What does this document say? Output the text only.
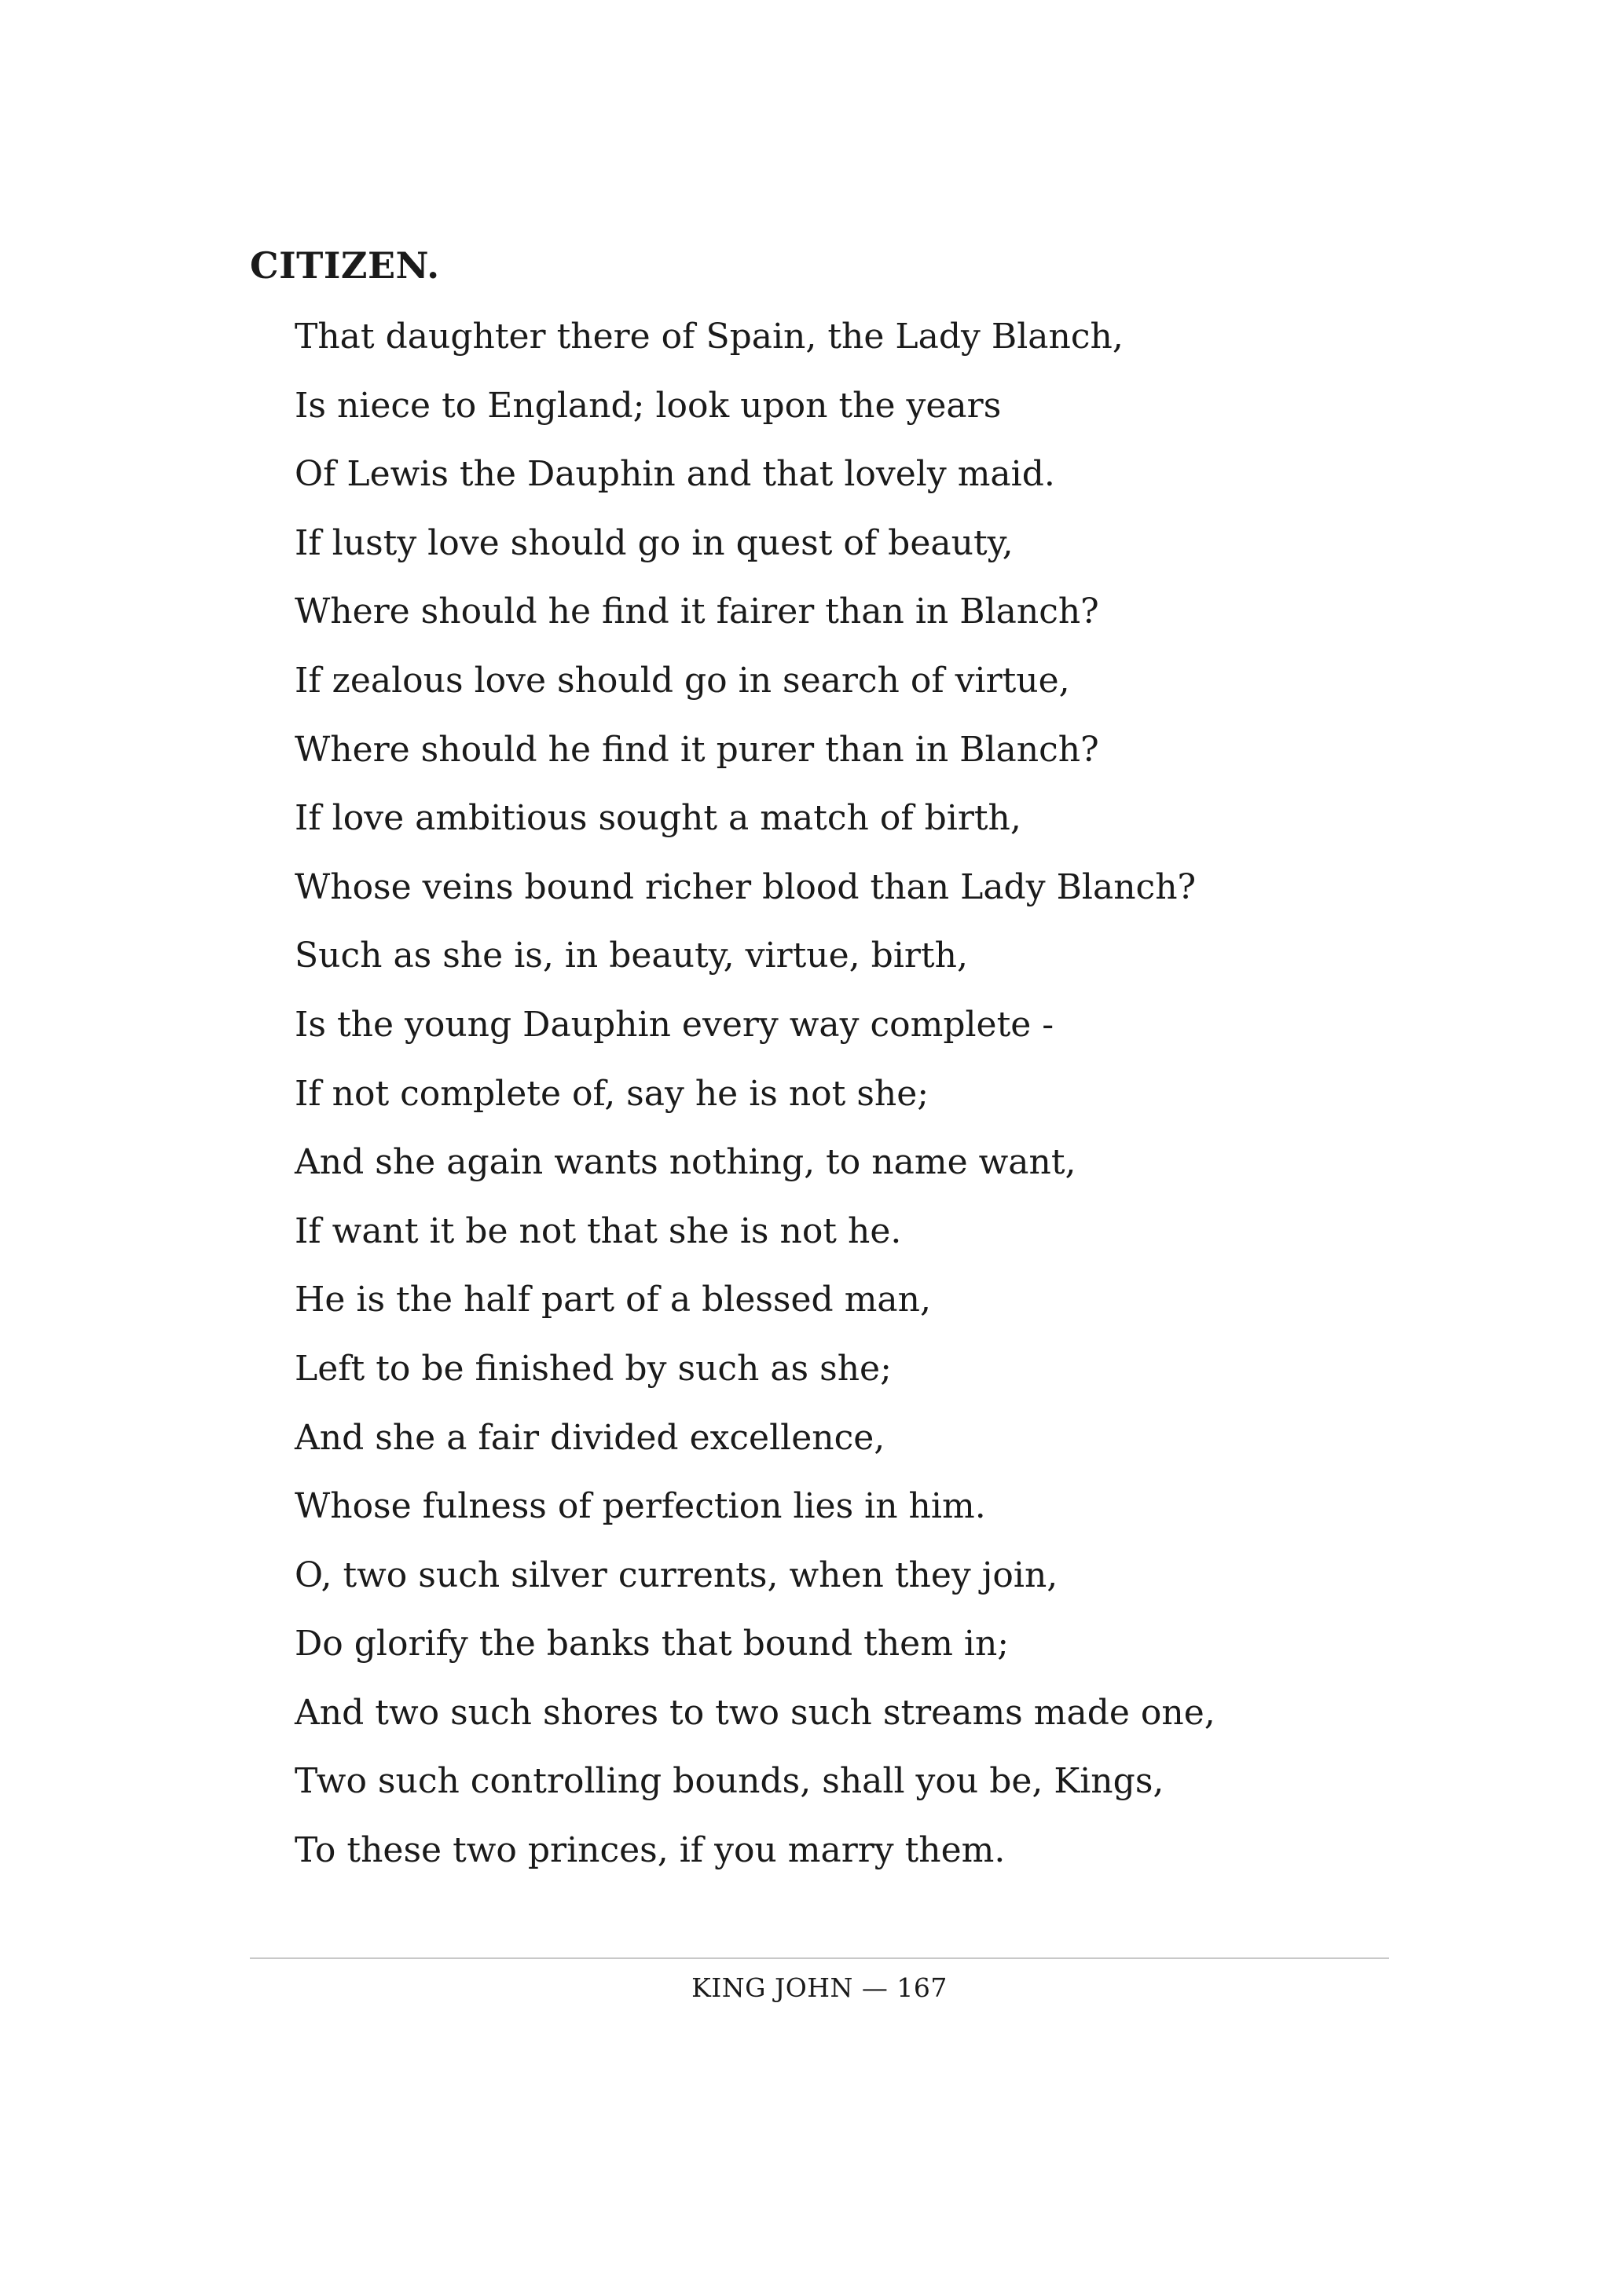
CITIZEN.
That daughter there of Spain, the Lady Blanch,
Is niece to England; look upon the years
Of Lewis the Dauphin and that lovely maid.
If lusty love should go in quest of beauty,
Where should he find it fairer than in Blanch?
If zealous love should go in search of virtue,
Where should he find it purer than in Blanch?
If love ambitious sought a match of birth,
Whose veins bound richer blood than Lady Blanch?
Such as she is, in beauty, virtue, birth,
Is the young Dauphin every way complete -
If not complete of, say he is not she;
And she again wants nothing, to name want,
If want it be not that she is not he.
He is the half part of a blessed man,
Left to be finished by such as she;
And she a fair divided excellence,
Whose fulness of perfection lies in him.
O, two such silver currents, when they join,
Do glorify the banks that bound them in;
And two such shores to two such streams made one,
Two such controlling bounds, shall you be, Kings,
To these two princes, if you marry them.
KING JOHN — 167
